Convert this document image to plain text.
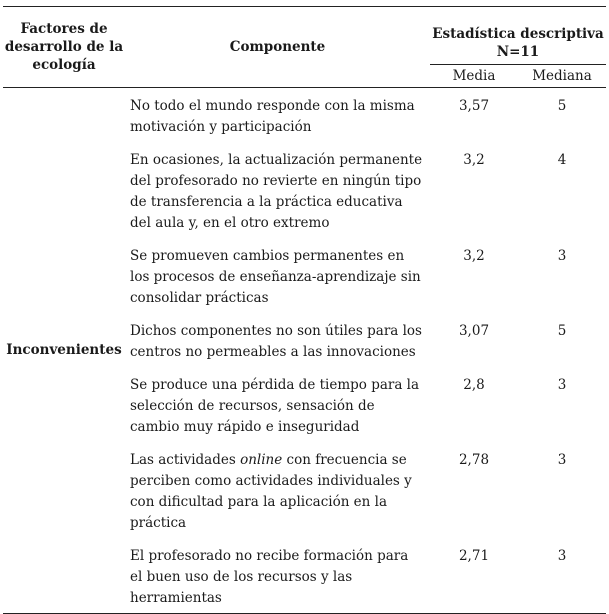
Factores de desarrollo de la ecología	Componente	Estadística descriptiva
N=11	
		Media	Mediana
Inconvenientes	No todo el mundo responde con la misma motivación y participación	3,57	5
	En ocasiones, la actualización permanente del profesorado no revierte en ningún tipo de transferencia a la práctica educativa del aula y, en el otro extremo	3,2	4
	Se promueven cambios permanentes en los procesos de enseñanza-aprendizaje sin consolidar prácticas	3,2	3
	Dichos componentes no son útiles para los centros no permeables a las innovaciones	3,07	5
	Se produce una pérdida de tiempo para la selección de recursos, sensación de cambio muy rápido e inseguridad	2,8	3
	Las actividades online con frecuencia se perciben como actividades individuales y con dificultad para la aplicación en la práctica	2,78	3
	El profesorado no recibe formación para el buen uso de los recursos y las herramientas	2,71	3
